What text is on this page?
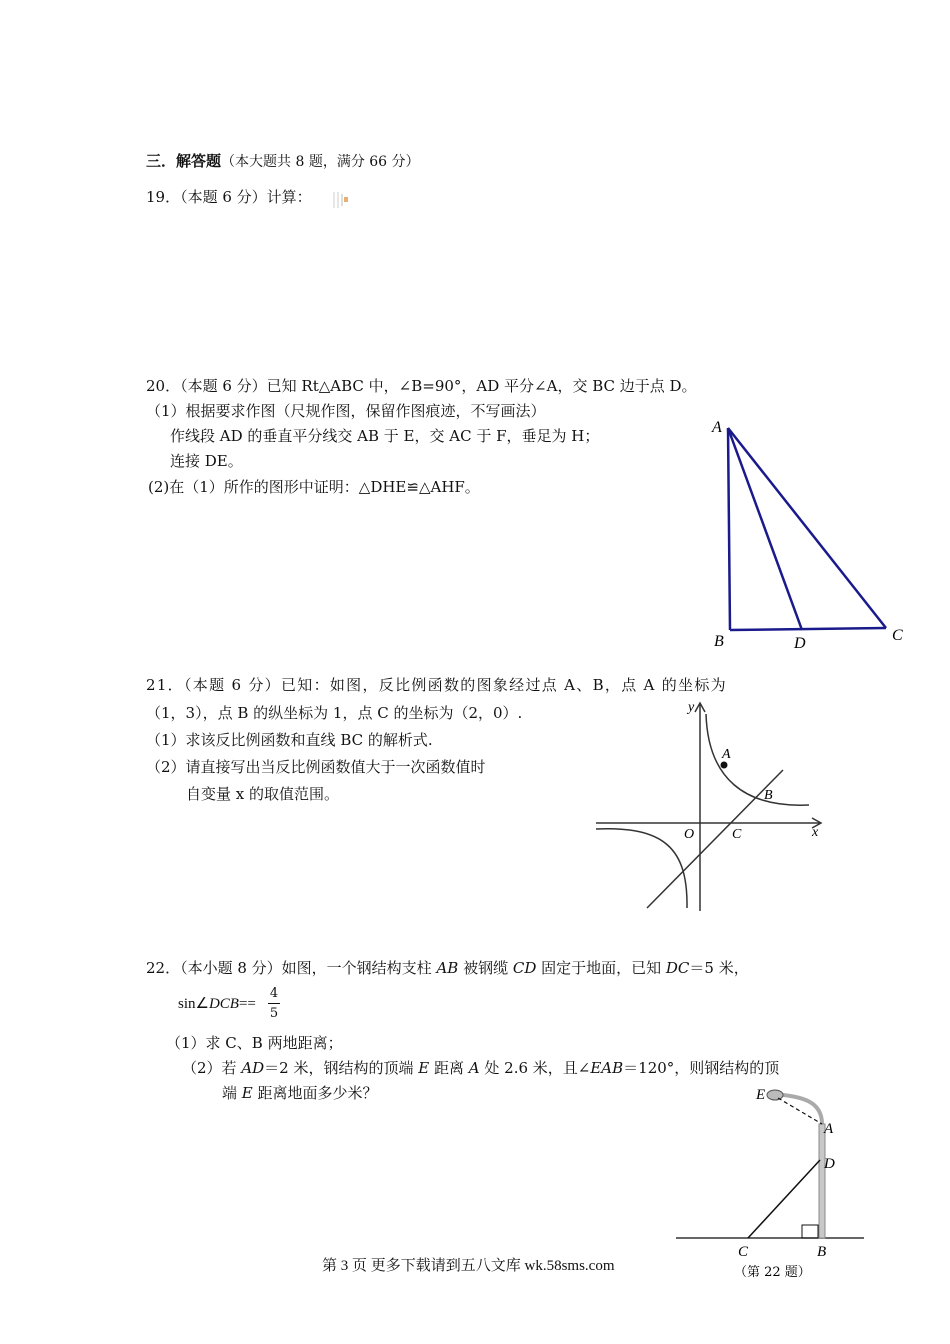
三．解答题（本大题共 8 题，满分 66 分）
19．（本题 6 分）计算：
20．（本题 6 分）已知 Rt△ABC 中，∠B=90°，AD 平分∠A，交 BC 边于点 D。
（1）根据要求作图（尺规作图，保留作图痕迹，不写画法）
作线段 AD 的垂直平分线交 AB 于 E，交 AC 于 F，垂足为 H；
连接 DE。
(2)在（1）所作的图形中证明：△DHE≌△AHF。
A
B	D	C
21．（本题 6 分）已知：如图，反比例函数的图象经过点 A、B，点 A 的坐标为
（1，3），点 B 的纵坐标为 1，点 C 的坐标为（2，0）.
（1）求该反比例函数和直线 BC 的解析式.
（2）请直接写出当反比例函数值大于一次函数值时
自变量 x 的取值范围。
y
x
O	C
A
B
22．（本小题 8 分）如图，一个钢结构支柱 AB 被钢缆 CD 固定于地面，已知 DC＝5 米，
sin∠DCB==
4
5
（1）求 C、B 两地距离；
（2）若 AD＝2 米，钢结构的顶端 E 距离 A 处 2.6 米，且∠EAB＝120°，则钢结构的顶
端 E 距离地面多少米？	E
A
D
C	B
（第 22 题）
第 3 页 更多下载请到五八文库 wk.58sms.com
